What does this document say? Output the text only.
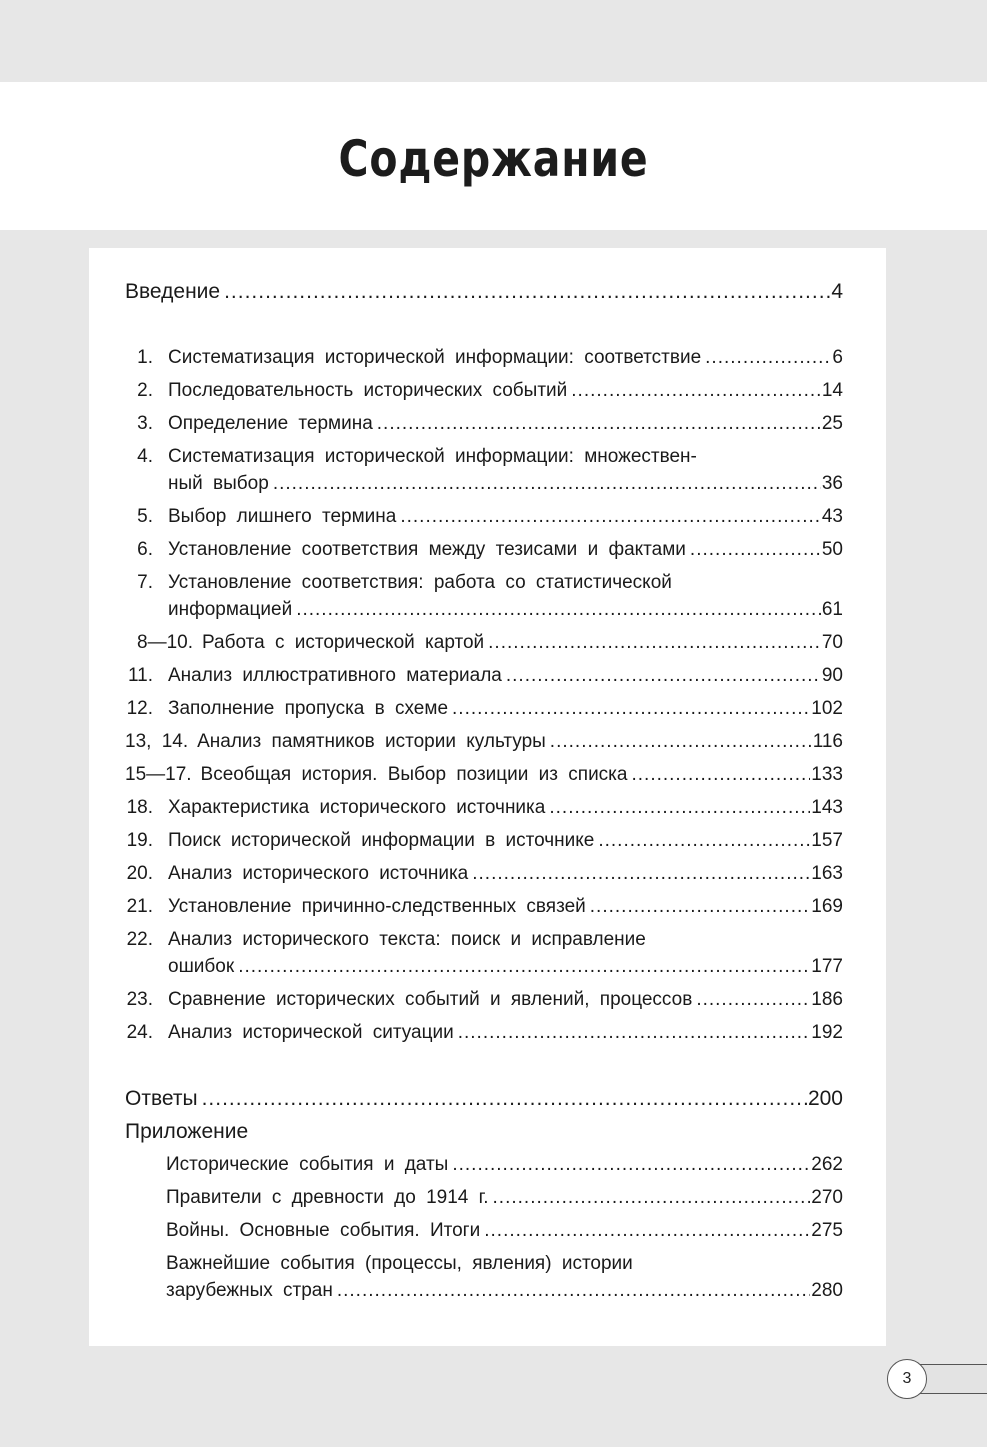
Содержание
Введение .....	4
1. Систематизация исторической информации: соответствие .....	6
2. Последовательность исторических событий .....	14
3. Определение термина .....	25
4. Систематизация исторической информации: множествен-
ный выбор .....	36
5. Выбор лишнего термина .....	43
6. Установление соответствия между тезисами и фактами .....	50
7. Установление соответствия: работа со статистической
информацией .....	61
8—10. Работа с исторической картой .....	70
11. Анализ иллюстративного материала .....	90
12. Заполнение пропуска в схеме .....	102
13, 14. Анализ памятников истории культуры .....	116
15—17. Всеобщая история. Выбор позиции из списка .....	133
18. Характеристика исторического источника .....	143
19. Поиск исторической информации в источнике .....	157
20. Анализ исторического источника .....	163
21. Установление причинно-следственных связей .....	169
22. Анализ исторического текста: поиск и исправление
ошибок .....	177
23. Сравнение исторических событий и явлений, процессов .....	186
24. Анализ исторической ситуации .....	192
Ответы .....	200
Приложение
Исторические события и даты .....	262
Правители с древности до 1914 г. .....	270
Войны. Основные события. Итоги .....	275
Важнейшие события (процессы, явления) истории
зарубежных стран .....	280
3
